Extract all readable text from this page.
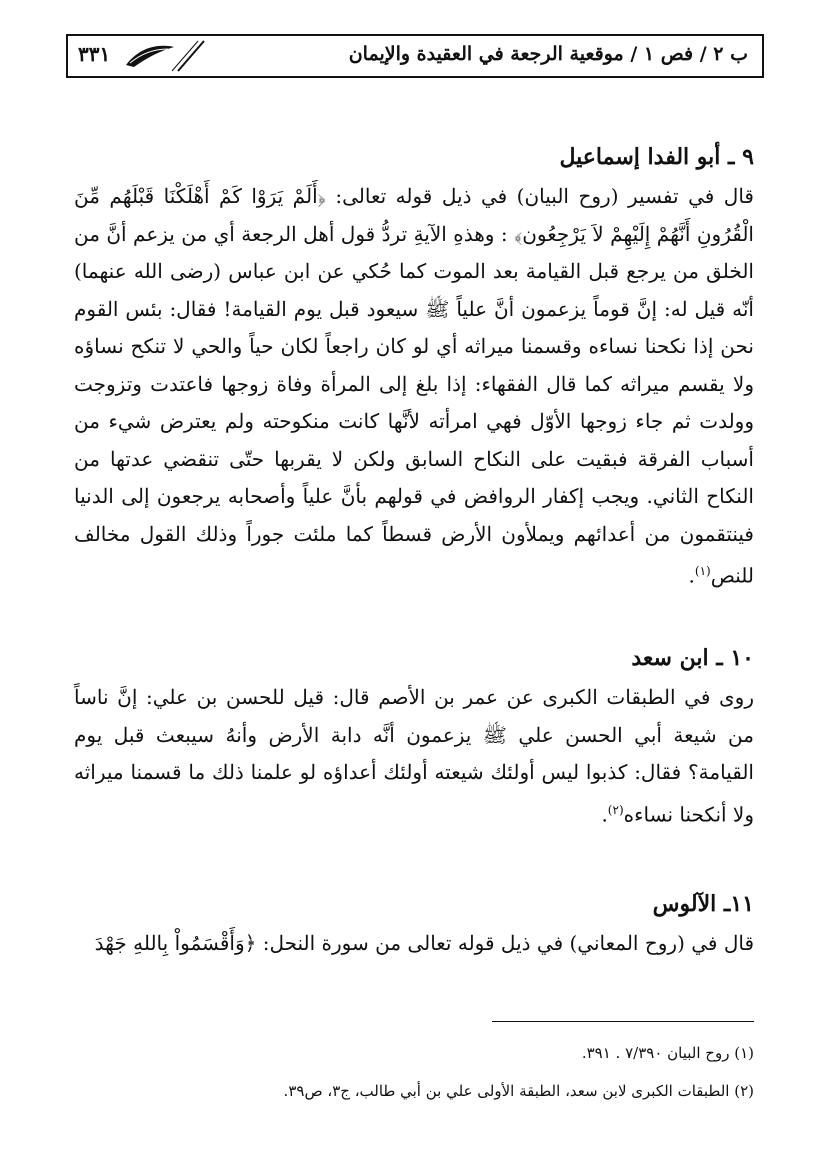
ب ٢ / فص ١ / موقعية الرجعة في العقيدة والإيمان
٣٣١
٩ ـ أبو الفدا إسماعيل
قال في تفسير (روح البيان) في ذيل قوله تعالى: ﴿أَلَمْ يَرَوْا كَمْ أَهْلَكْنَا قَبْلَهُم مِّنَ الْقُرُونِ أَنَّهُمْ إِلَيْهِمْ لاَ يَرْجِعُون﴾ : وهذهِ الآيةِ تردُّ قول أهل الرجعة أي من يزعم أنَّ من الخلق من يرجع قبل القيامة بعد الموت كما حُكي عن ابن عباس (رضى الله عنهما) أنّه قيل له: إنَّ قوماً يزعمون أنَّ علياً ﷺ سيعود قبل يوم القيامة! فقال: بئس القوم نحن إذا نكحنا نساءه وقسمنا ميراثه أي لو كان راجعاً لكان حياً والحي لا تنكح نساؤه ولا يقسم ميراثه كما قال الفقهاء: إذا بلغ إلى المرأة وفاة زوجها فاعتدت وتزوجت وولدت ثم جاء زوجها الأوّل فهي امرأته لأنَّها كانت منكوحته ولم يعترض شيء من أسباب الفرقة فبقيت على النكاح السابق ولكن لا يقربها حتّى تنقضي عدتها من النكاح الثاني. ويجب إكفار الروافض في قولهم بأنَّ علياً وأصحابه يرجعون إلى الدنيا فينتقمون من أعدائهم ويملأون الأرض قسطاً كما ملئت جوراً وذلك القول مخالف للنص$^{(١)}$.
١٠ ـ ابن سعد
روى في الطبقات الكبرى عن عمر بن الأصم قال: قيل للحسن بن علي: إنَّ ناساً من شيعة أبي الحسن علي ﷺ يزعمون أنَّه دابة الأرض وأنهُ سيبعث قبل يوم القيامة؟ فقال: كذبوا ليس أولئك شيعته أولئك أعداؤه لو علمنا ذلك ما قسمنا ميراثه ولا أنكحنا نساءه$^{(٢)}$.
١١ـ الآلوس
قال في (روح المعاني) في ذيل قوله تعالى من سورة النحل: ﴿وَأَقْسَمُواْ بِاللهِ جَهْدَ
(١) روح البيان ٧/٣٩٠ . ٣٩١.
(٢) الطبقات الكبرى لابن سعد، الطبقة الأولى علي بن أبي طالب، ج٣، ص٣٩.
